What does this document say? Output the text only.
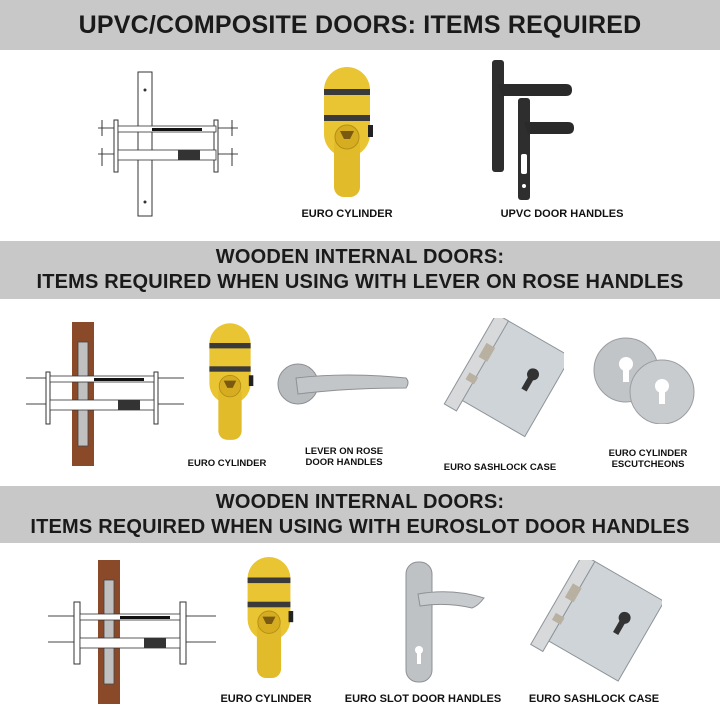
UPVC/COMPOSITE DOORS: ITEMS REQUIRED
EURO CYLINDER	UPVC DOOR HANDLES
WOODEN INTERNAL DOORS:
ITEMS REQUIRED WHEN USING WITH LEVER ON ROSE HANDLES
EURO CYLINDER
LEVER ON ROSE
DOOR HANDLES	EURO SASHLOCK CASE
EURO CYLINDER
ESCUTCHEONS
WOODEN INTERNAL DOORS:
ITEMS REQUIRED WHEN USING WITH EUROSLOT DOOR HANDLES
EURO CYLINDER	EURO SLOT DOOR HANDLES	EURO SASHLOCK CASE
